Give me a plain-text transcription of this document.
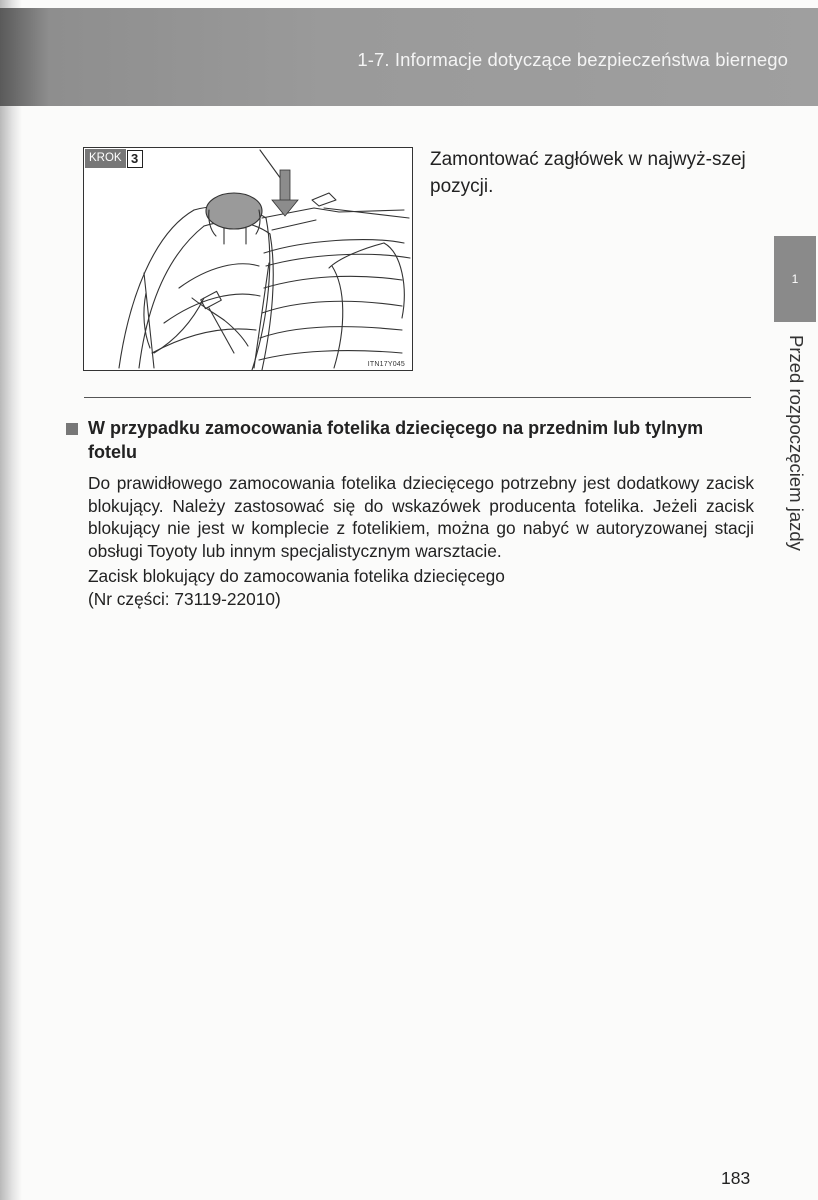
1-7. Informacje dotyczące bezpieczeństwa biernego
KROK 3
ITN17Y045
Zamontować zagłówek w najwyż-szej pozycji.
W przypadku zamocowania fotelika dziecięcego na przednim lub tylnym fotelu
Do prawidłowego zamocowania fotelika dziecięcego potrzebny jest dodatkowy zacisk blokujący. Należy zastosować się do wskazówek producenta fotelika. Jeżeli zacisk blokujący nie jest w komplecie z fotelikiem, można go nabyć w autoryzowanej stacji obsługi Toyoty lub innym specjalistycznym warsztacie.
Zacisk blokujący do zamocowania fotelika dziecięcego
(Nr części: 73119-22010)
1
Przed rozpoczęciem jazdy
183
